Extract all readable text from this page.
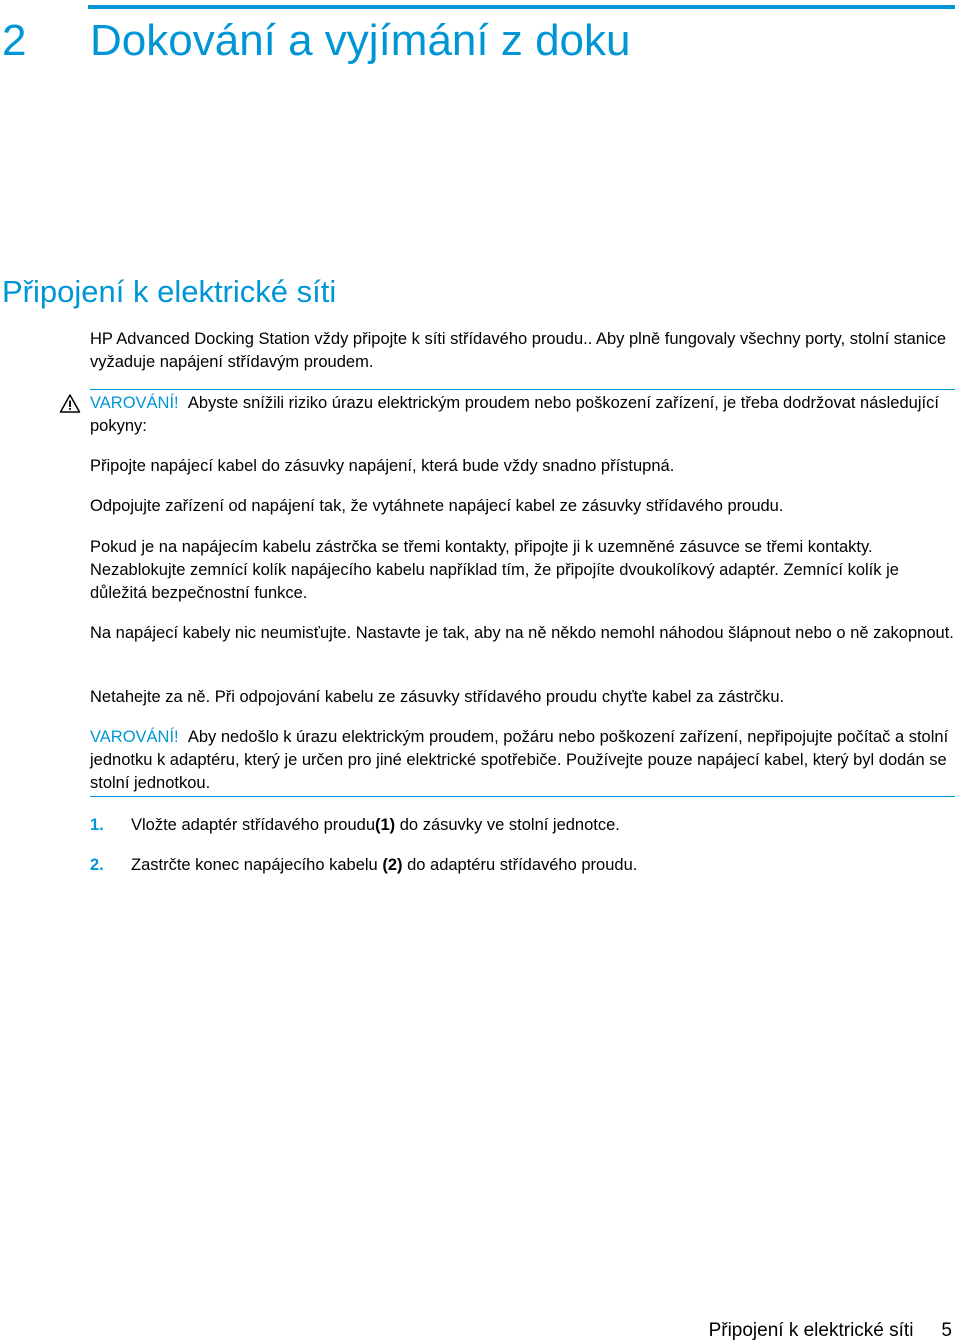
2 Dokování a vyjímání z doku
Připojení k elektrické síti

HP Advanced Docking Station vždy připojte k síti střídavého proudu.. Aby plně fungovaly všechny porty, stolní stanice vyžaduje napájení střídavým proudem.

VAROVÁNÍ! Abyste snížili riziko úrazu elektrickým proudem nebo poškození zařízení, je třeba dodržovat následující pokyny:

Připojte napájecí kabel do zásuvky napájení, která bude vždy snadno přístupná.

Odpojujte zařízení od napájení tak, že vytáhnete napájecí kabel ze zásuvky střídavého proudu.

Pokud je na napájecím kabelu zástrčka se třemi kontakty, připojte ji k uzemněné zásuvce se třemi kontakty. Nezablokujte zemnící kolík napájecího kabelu například tím, že připojíte dvoukolíkový adaptér. Zemnící kolík je důležitá bezpečnostní funkce.

Na napájecí kabely nic neumisťujte. Nastavte je tak, aby na ně někdo nemohl náhodou šlápnout nebo o ně zakopnout.

Netahejte za ně. Při odpojování kabelu ze zásuvky střídavého proudu chyťte kabel za zástrčku.

VAROVÁNÍ! Aby nedošlo k úrazu elektrickým proudem, požáru nebo poškození zařízení, nepřipojujte počítač a stolní jednotku k adaptéru, který je určen pro jiné elektrické spotřebiče. Používejte pouze napájecí kabel, který byl dodán se stolní jednotkou.

1. Vložte adaptér střídavého proudu(1) do zásuvky ve stolní jednotce.

2. Zastrčte konec napájecího kabelu (2) do adaptéru střídavého proudu.

Připojení k elektrické síti 5
